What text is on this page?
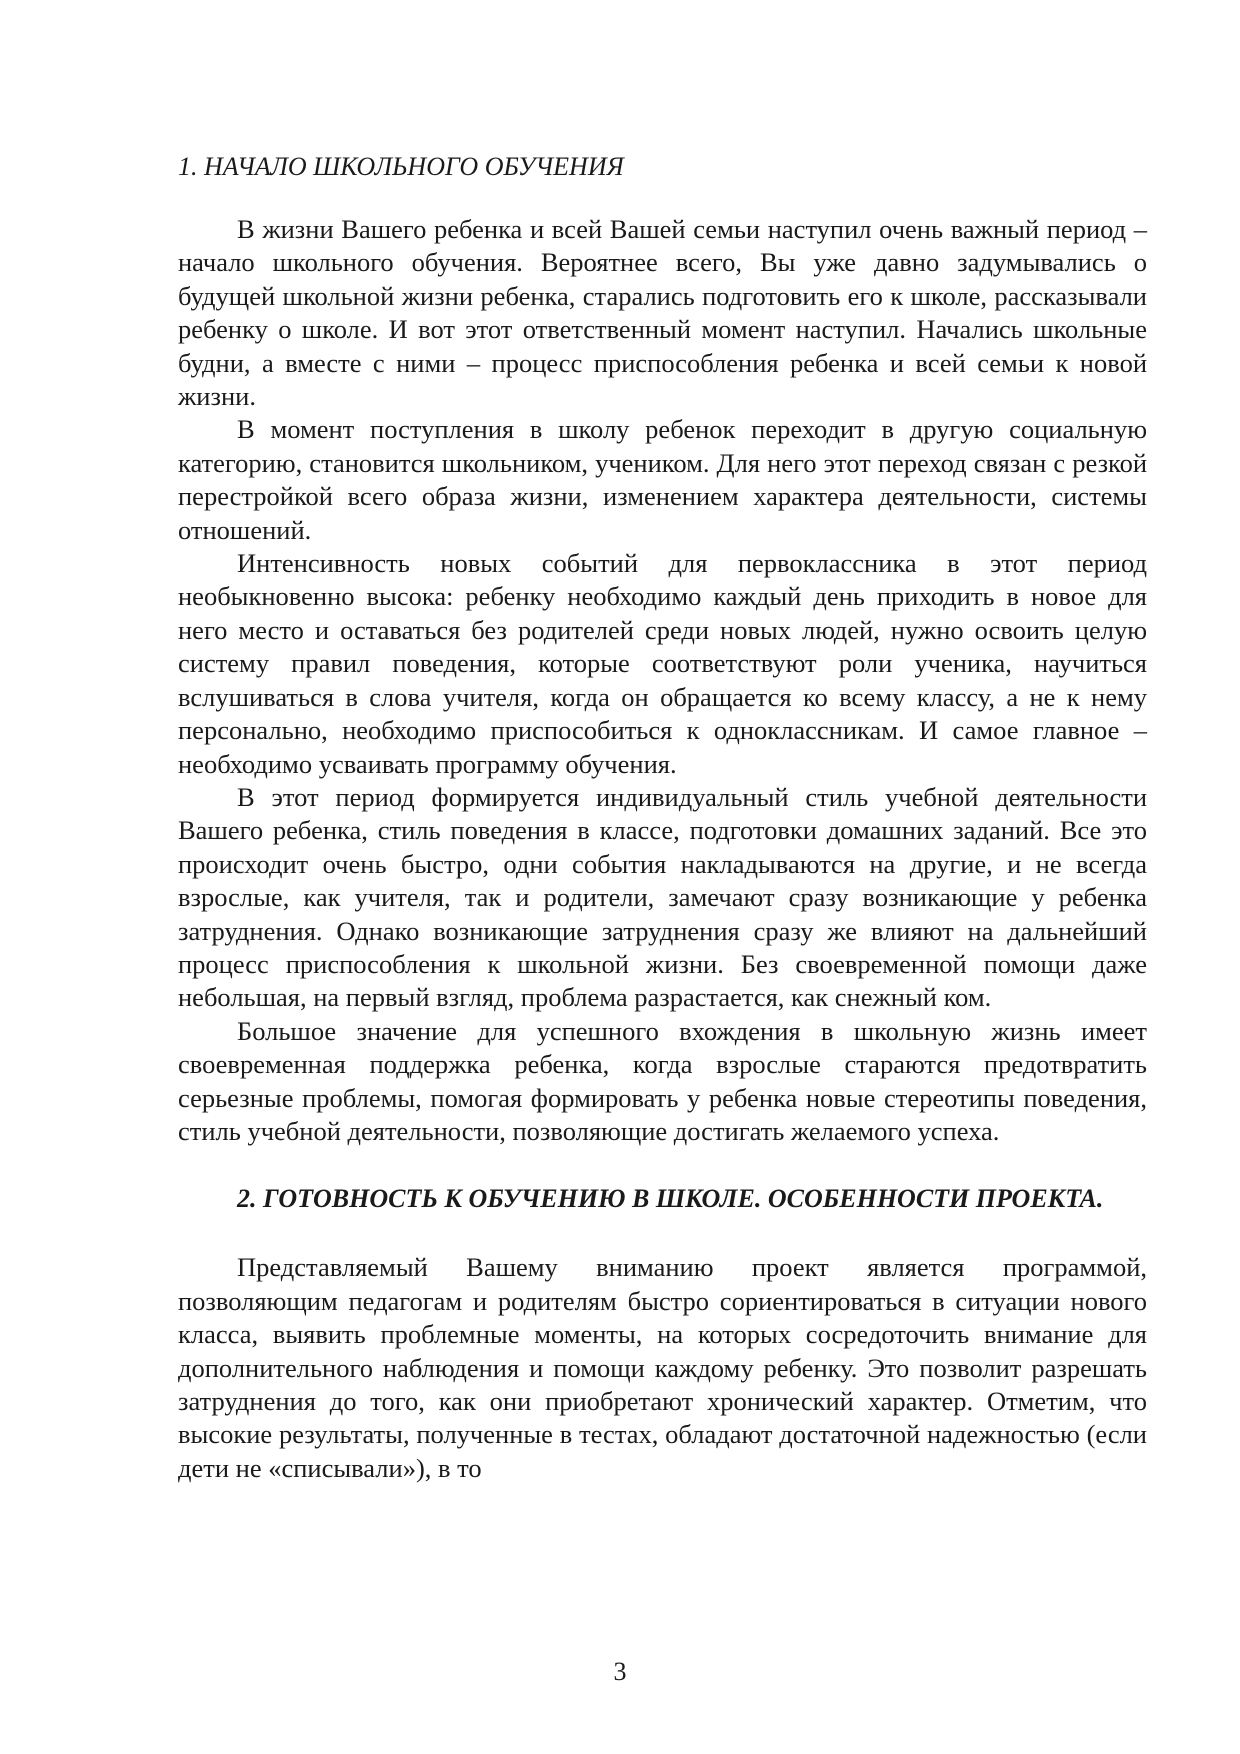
1. НАЧАЛО ШКОЛЬНОГО ОБУЧЕНИЯ

В жизни Вашего ребенка и всей Вашей семьи наступил очень важный период – начало школьного обучения. Вероятнее всего, Вы уже давно задумывались о будущей школьной жизни ребенка, старались подготовить его к школе, рассказывали ребенку о школе. И вот этот ответственный момент наступил. Начались школьные будни, а вместе с ними – процесс приспособления ребенка и всей семьи к новой жизни.

В момент поступления в школу ребенок переходит в другую социальную категорию, становится школьником, учеником. Для него этот переход связан с резкой перестройкой всего образа жизни, изменением характера деятельности, системы отношений.

Интенсивность новых событий для первоклассника в этот период необыкновенно высока: ребенку необходимо каждый день приходить в новое для него место и оставаться без родителей среди новых людей, нужно освоить целую систему правил поведения, которые соответствуют роли ученика, научиться вслушиваться в слова учителя, когда он обращается ко всему классу, а не к нему персонально, необходимо приспособиться к одноклассникам. И самое главное – необходимо усваивать программу обучения.

В этот период формируется индивидуальный стиль учебной деятельности Вашего ребенка, стиль поведения в классе, подготовки домашних заданий. Все это происходит очень быстро, одни события накладываются на другие, и не всегда взрослые, как учителя, так и родители, замечают сразу возникающие у ребенка затруднения. Однако возникающие затруднения сразу же влияют на дальнейший процесс приспособления к школьной жизни. Без своевременной помощи даже небольшая, на первый взгляд, проблема разрастается, как снежный ком.

Большое значение для успешного вхождения в школьную жизнь имеет своевременная поддержка ребенка, когда взрослые стараются предотвратить серьезные проблемы, помогая формировать у ребенка новые стереотипы поведения, стиль учебной деятельности, позволяющие достигать желаемого успеха.

2. ГОТОВНОСТЬ К ОБУЧЕНИЮ В ШКОЛЕ. ОСОБЕННОСТИ ПРОЕКТА.

Представляемый Вашему вниманию проект является программой, позволяющим педагогам и родителям быстро сориентироваться в ситуации нового класса, выявить проблемные моменты, на которых сосредоточить внимание для дополнительного наблюдения и помощи каждому ребенку. Это позволит разрешать затруднения до того, как они приобретают хронический характер. Отметим, что высокие результаты, полученные в тестах, обладают достаточной надежностью (если дети не «списывали»), в то

3
